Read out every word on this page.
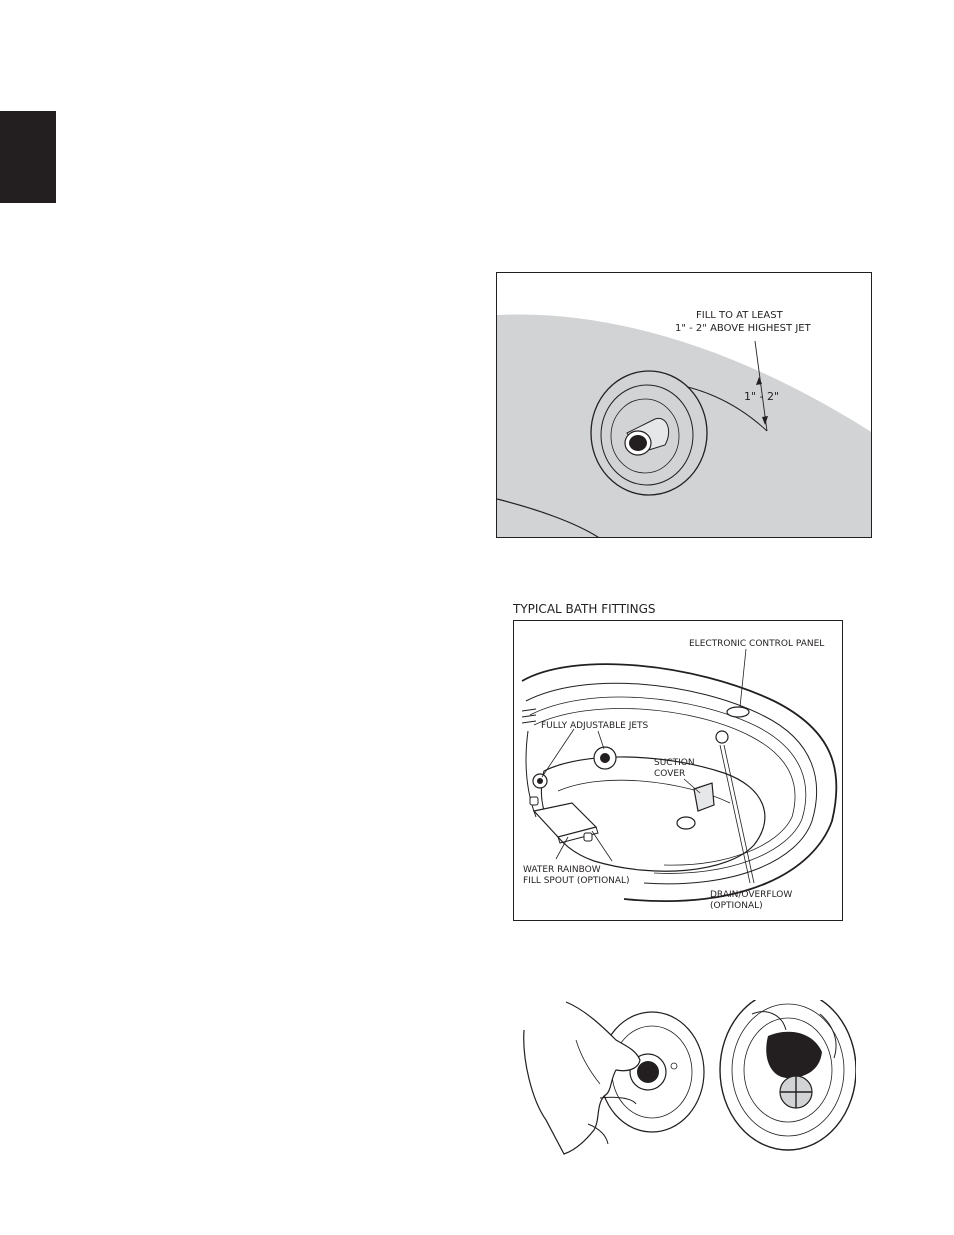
FILL TO AT LEAST
1" - 2" ABOVE HIGHEST JET
1" - 2"
TYPICAL BATH FITTINGS
ELECTRONIC CONTROL PANEL
FULLY ADJUSTABLE JETS
SUCTION
COVER
WATER RAINBOW
FILL SPOUT (OPTIONAL)
DRAIN/OVERFLOW
(OPTIONAL)
